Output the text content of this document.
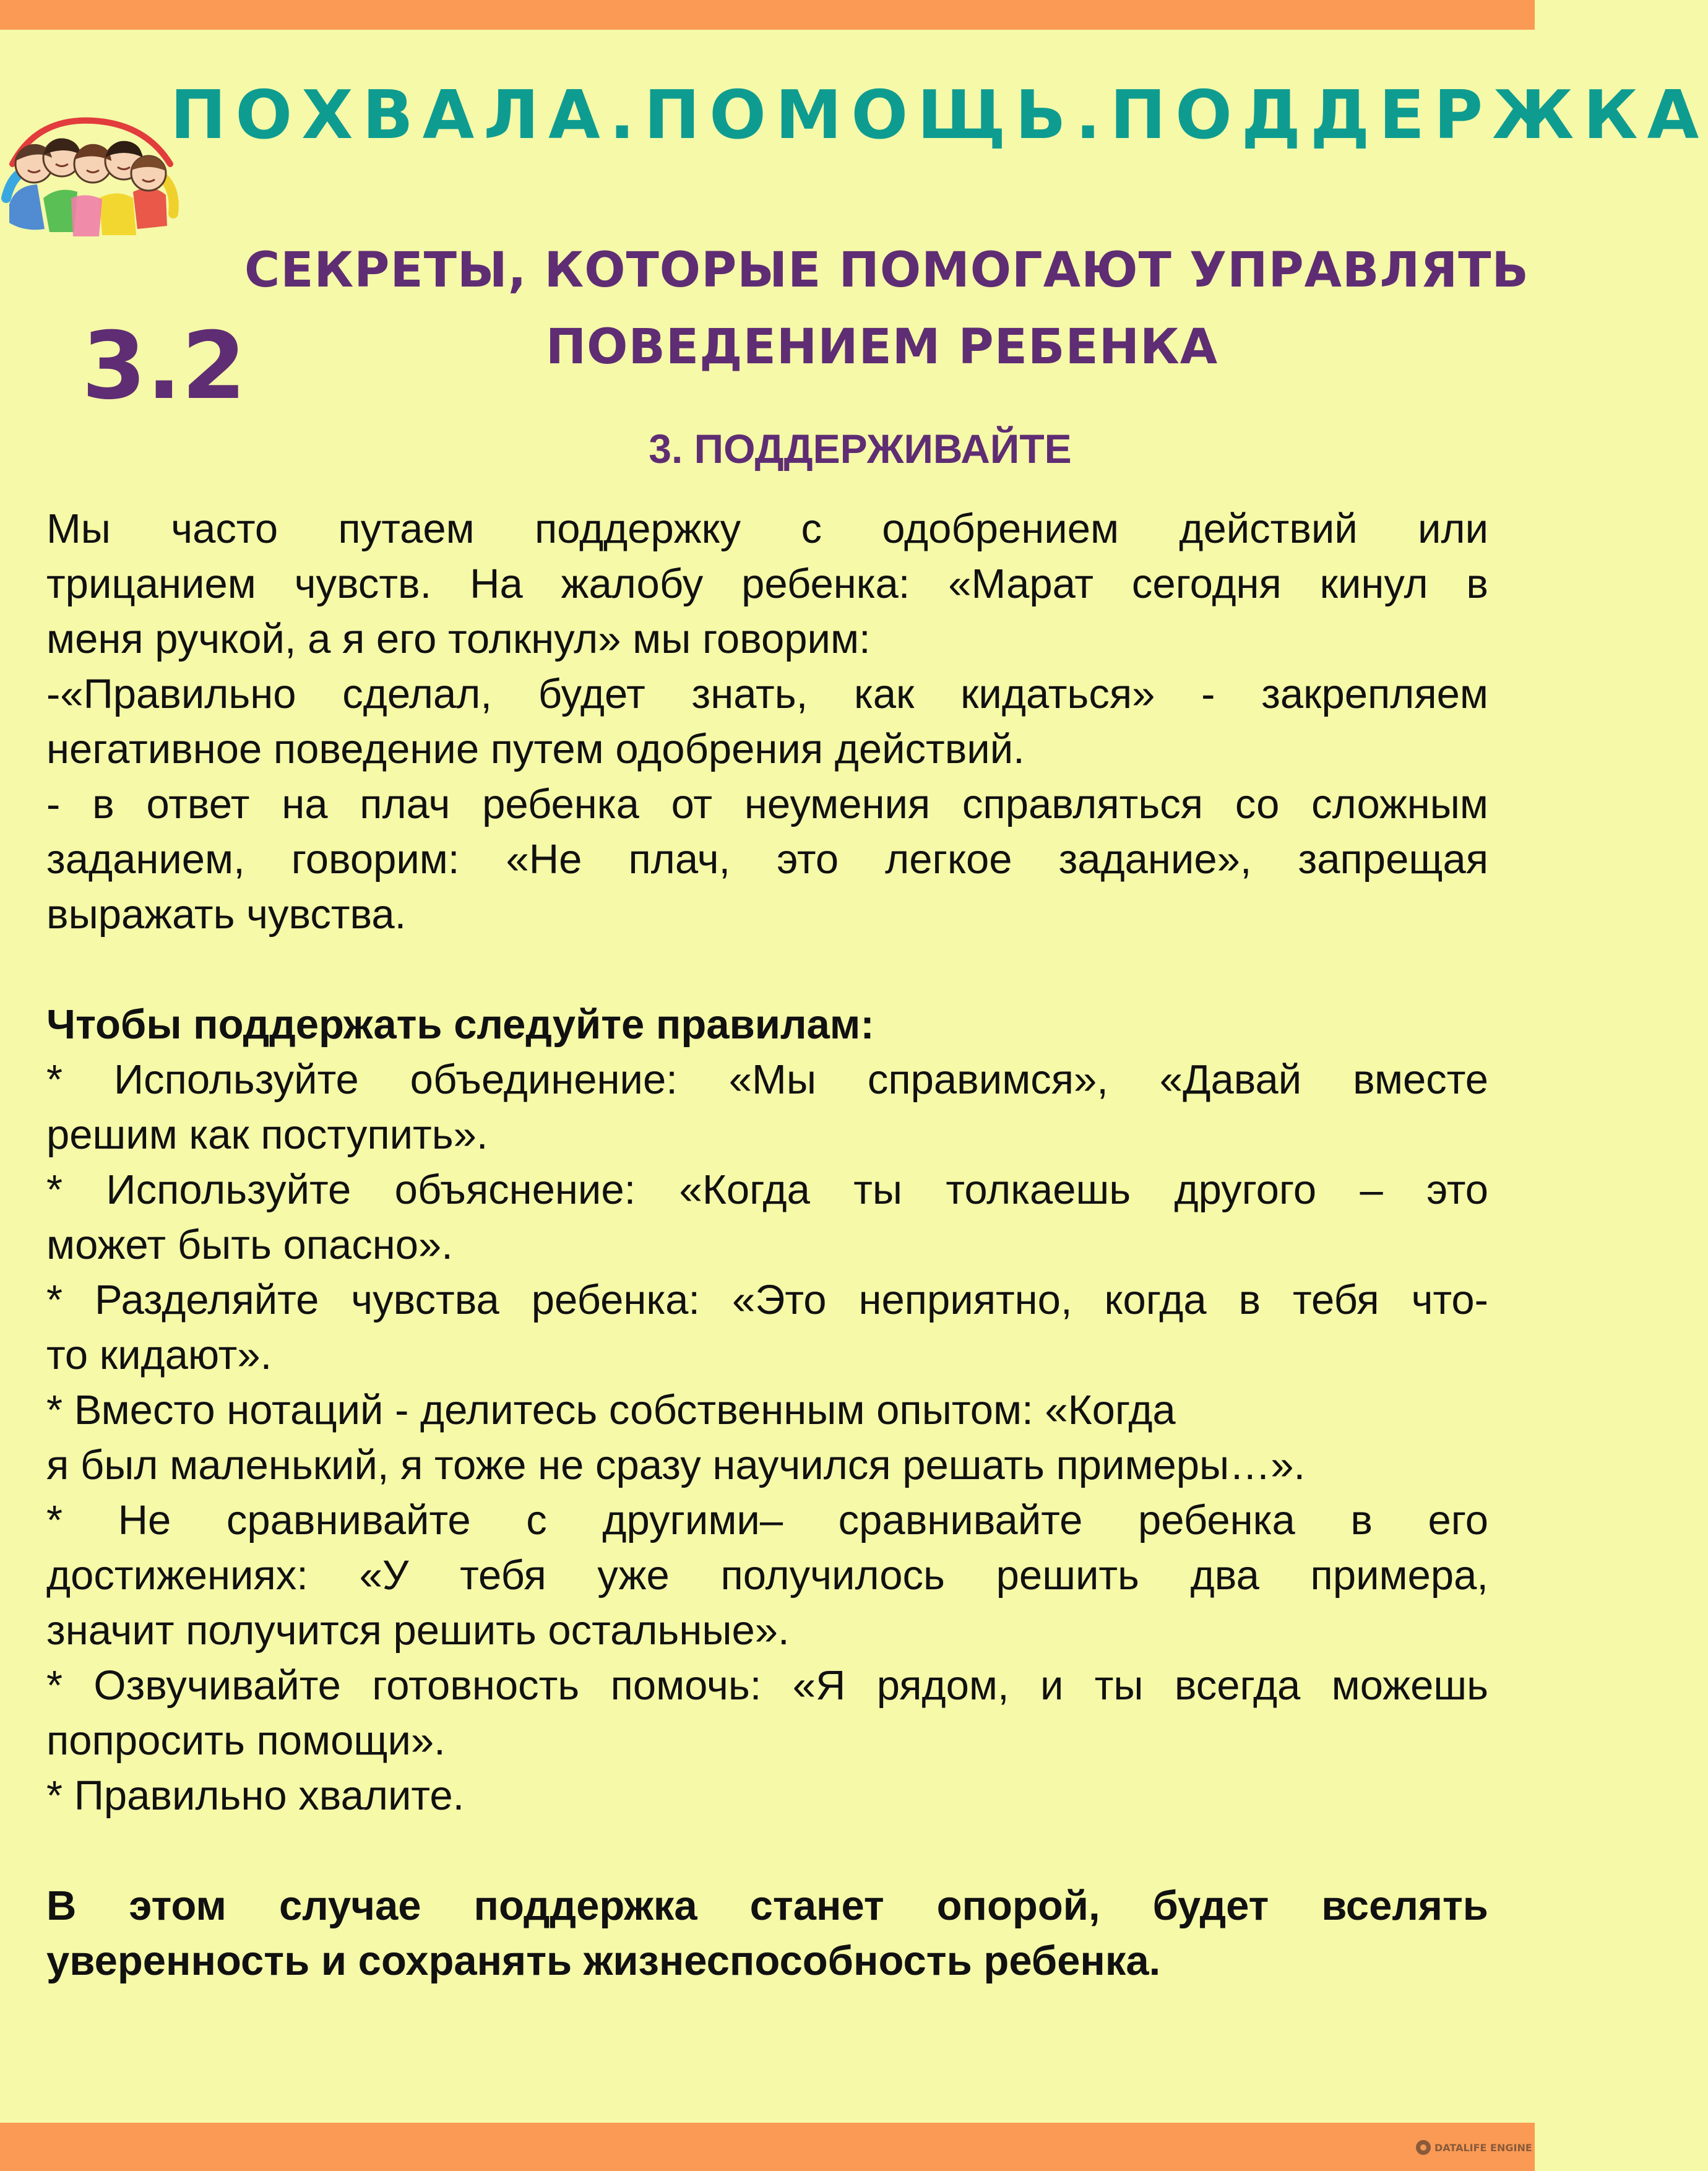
ПОХВАЛА.ПОМОЩЬ.ПОДДЕРЖКА
3.2
СЕКРЕТЫ, КОТОРЫЕ ПОМОГАЮТ УПРАВЛЯТЬ
ПОВЕДЕНИЕМ РЕБЕНКА
3. ПОДДЕРЖИВАЙТЕ
Мы часто путаем поддержку с одобрением действий или
трицанием чувств. На жалобу ребенка: «Марат сегодня кинул в
меня ручкой, а я его толкнул» мы говорим:
-«Правильно сделал, будет знать, как кидаться» - закрепляем
негативное поведение путем одобрения действий.
- в ответ на плач ребенка от неумения справляться со сложным
заданием, говорим: «Не плач, это легкое задание», запрещая
выражать чувства.
Чтобы поддержать следуйте правилам:
* Используйте объединение: «Мы справимся», «Давай вместе
решим как поступить».
* Используйте объяснение: «Когда ты толкаешь другого – это
может быть опасно».
* Разделяйте чувства ребенка: «Это неприятно, когда в тебя что-
то кидают».
* Вместо нотаций - делитесь собственным опытом: «Когда
я был маленький, я тоже не сразу научился решать примеры…».
* Не сравнивайте с другими– сравнивайте ребенка в его
достижениях: «У тебя уже получилось решить два примера,
значит получится решить остальные».
* Озвучивайте готовность помочь: «Я рядом, и ты всегда можешь
попросить помощи».
* Правильно хвалите.
В этом случае поддержка станет опорой, будет вселять
уверенность и сохранять жизнеспособность ребенка.
DATALIFE ENGINE
